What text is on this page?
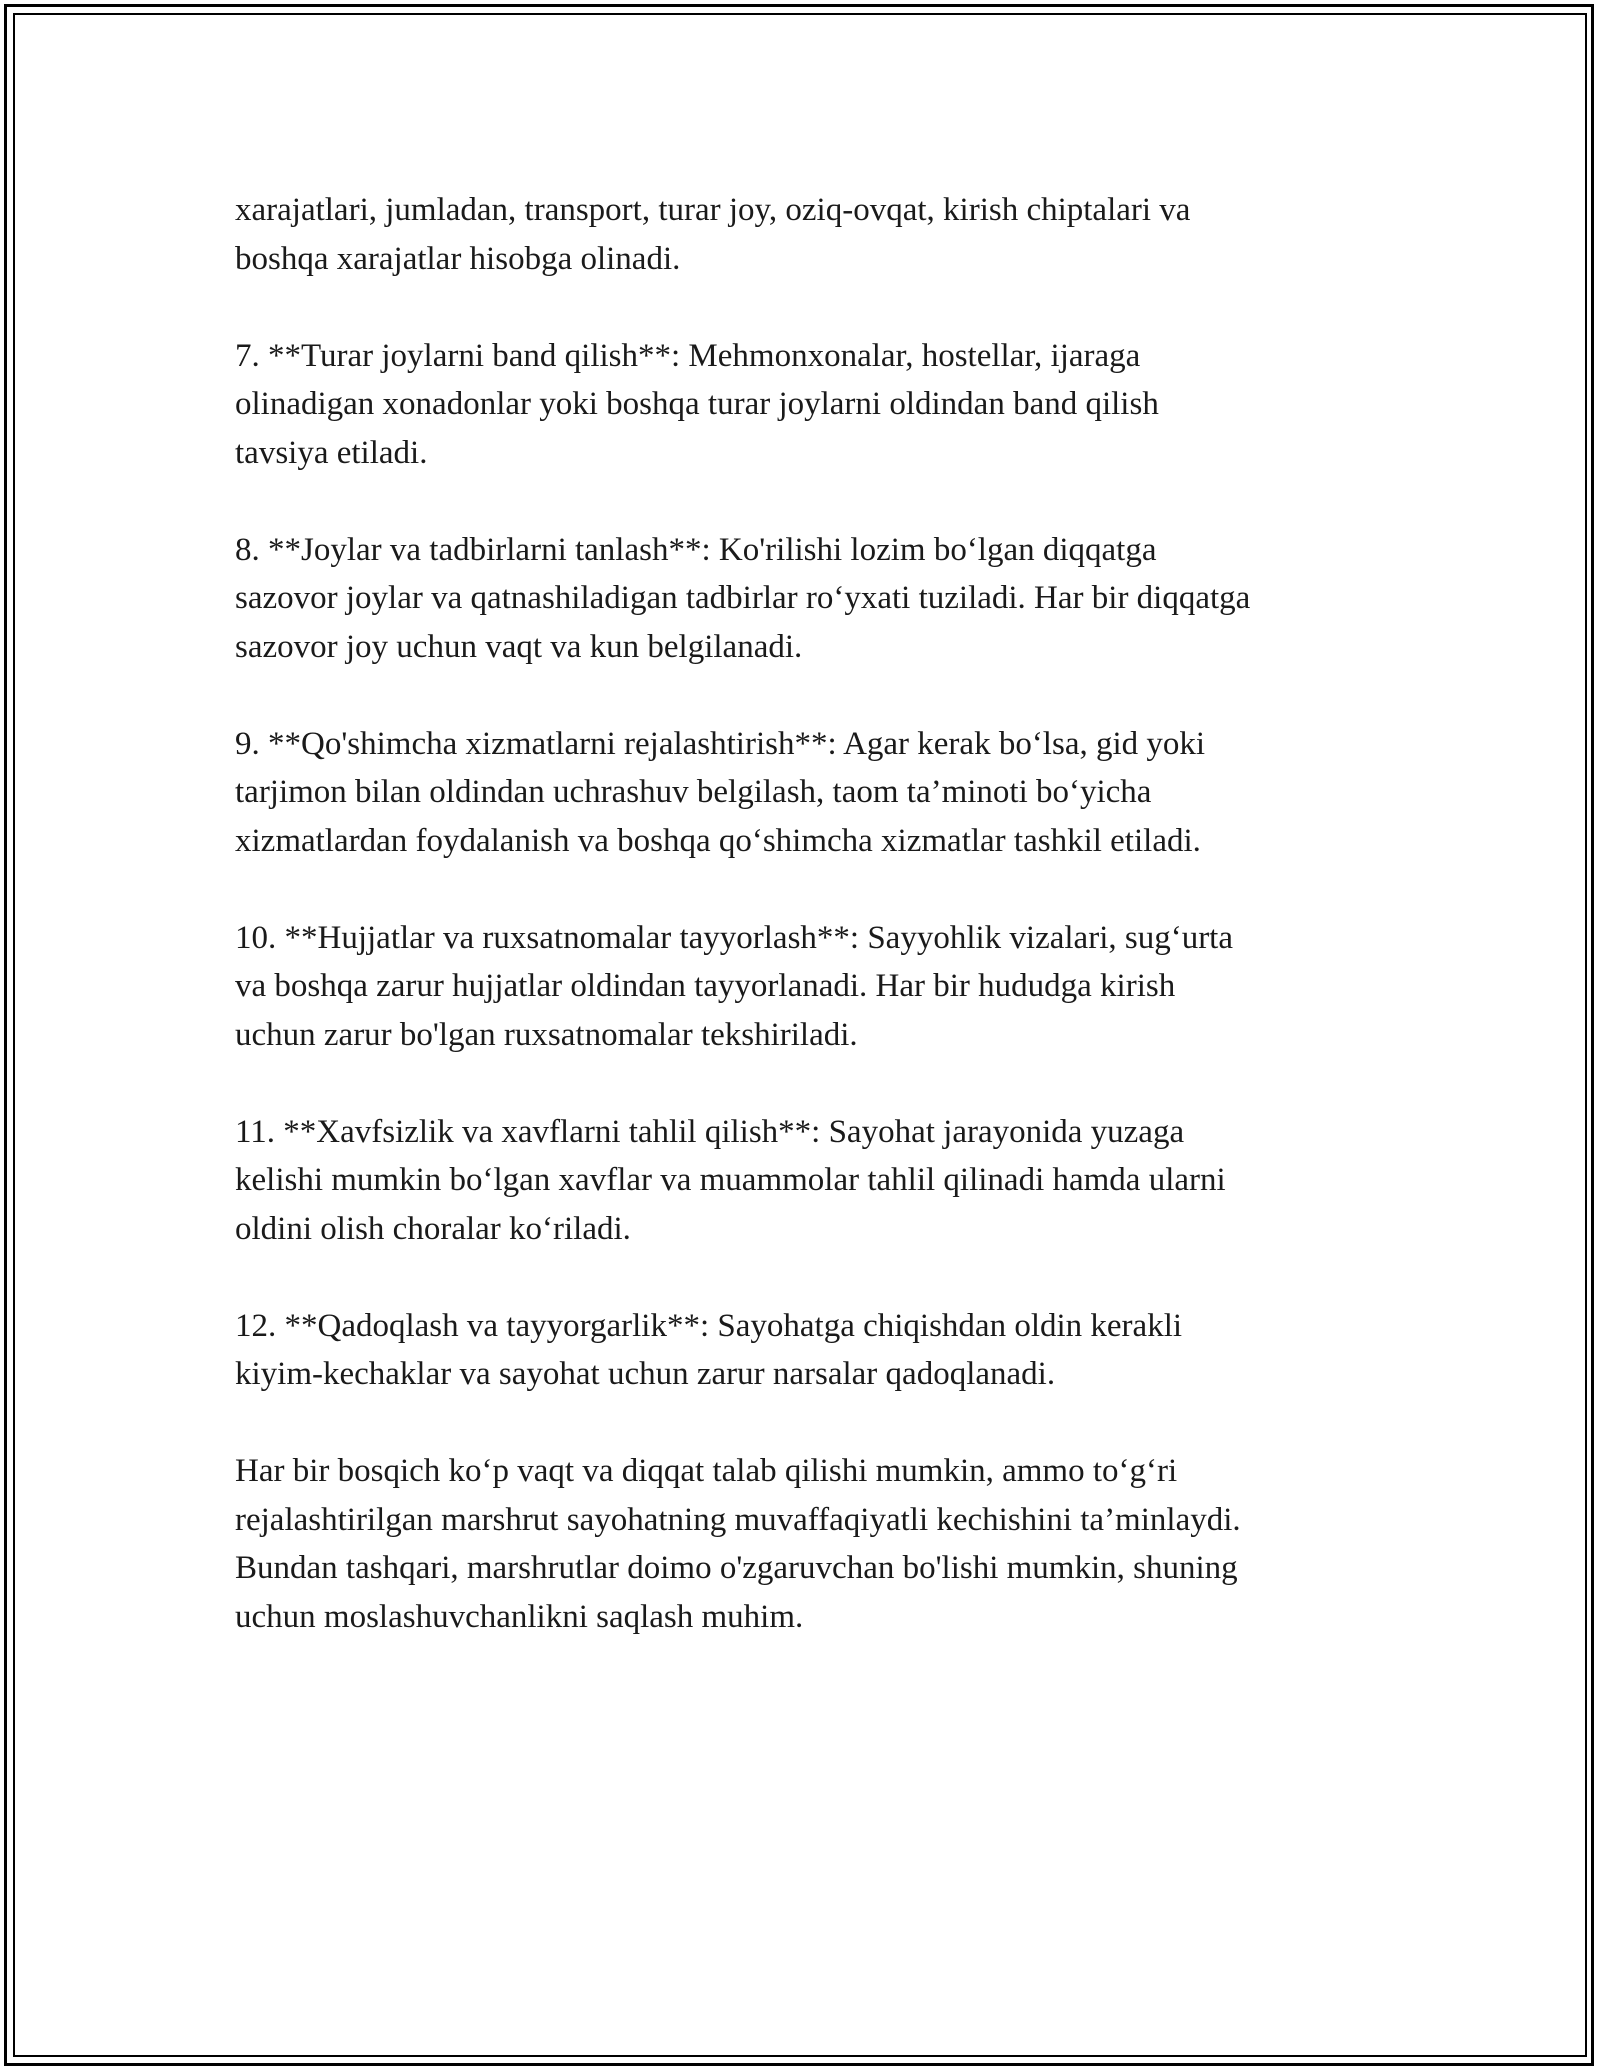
xarajatlari, jumladan, transport, turar joy, oziq-ovqat, kirish chiptalari va
boshqa xarajatlar hisobga olinadi.

7. **Turar joylarni band qilish**: Mehmonxonalar, hostellar, ijaraga
olinadigan xonadonlar yoki boshqa turar joylarni oldindan band qilish
tavsiya etiladi.

8. **Joylar va tadbirlarni tanlash**: Ko'rilishi lozim bo‘lgan diqqatga
sazovor joylar va qatnashiladigan tadbirlar ro‘yxati tuziladi. Har bir diqqatga
sazovor joy uchun vaqt va kun belgilanadi.

9. **Qo'shimcha xizmatlarni rejalashtirish**: Agar kerak bo‘lsa, gid yoki
tarjimon bilan oldindan uchrashuv belgilash, taom ta’minoti bo‘yicha
xizmatlardan foydalanish va boshqa qo‘shimcha xizmatlar tashkil etiladi.

10. **Hujjatlar va ruxsatnomalar tayyorlash**: Sayyohlik vizalari, sug‘urta
va boshqa zarur hujjatlar oldindan tayyorlanadi. Har bir hududga kirish
uchun zarur bo'lgan ruxsatnomalar tekshiriladi.

11. **Xavfsizlik va xavflarni tahlil qilish**: Sayohat jarayonida yuzaga
kelishi mumkin bo‘lgan xavflar va muammolar tahlil qilinadi hamda ularni
oldini olish choralar ko‘riladi.

12. **Qadoqlash va tayyorgarlik**: Sayohatga chiqishdan oldin kerakli
kiyim-kechaklar va sayohat uchun zarur narsalar qadoqlanadi.

Har bir bosqich ko‘p vaqt va diqqat talab qilishi mumkin, ammo to‘g‘ri
rejalashtirilgan marshrut sayohatning muvaffaqiyatli kechishini ta’minlaydi.
Bundan tashqari, marshrutlar doimo o'zgaruvchan bo'lishi mumkin, shuning
uchun moslashuvchanlikni saqlash muhim.
